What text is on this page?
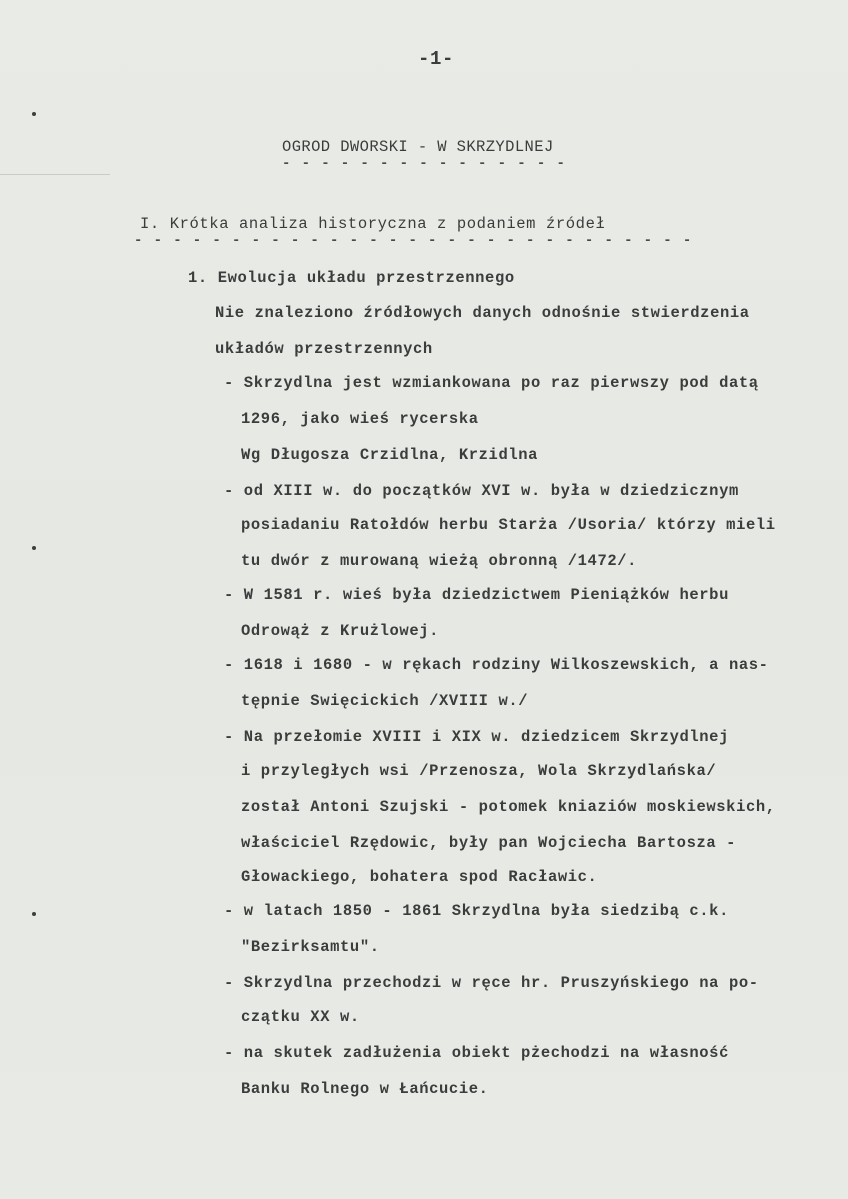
-1-
OGROD DWORSKI - W SKRZYDLNEJ
- - - - - - - - - - - - - - -
I. Krótka analiza historyczna z podaniem źródeł
- - - - - - - - - - - - - - - - - - - - - - - - - - - - -
1. Ewolucja układu przestrzennego
Nie znaleziono źródłowych danych odnośnie stwierdzenia
układów przestrzennych
- Skrzydlna jest wzmiankowana po raz pierwszy pod datą
1296, jako wieś rycerska
Wg Długosza Crzidlna, Krzidlna
- od XIII w. do początków XVI w. była w dziedzicznym
posiadaniu Ratołdów herbu Starża /Usoria/ którzy mieli
tu dwór z murowaną wieżą obronną /1472/.
- W 1581 r. wieś była dziedzictwem Pieniążków herbu
Odrowąż z Krużlowej.
- 1618 i 1680 - w rękach rodziny Wilkoszewskich, a nas-
tępnie Swięcickich /XVIII w./
- Na przełomie XVIII i XIX w. dziedzicem Skrzydlnej
i przyległych wsi /Przenosza, Wola Skrzydlańska/
został Antoni Szujski - potomek kniaziów moskiewskich,
właściciel Rzędowic, były pan Wojciecha Bartosza -
Głowackiego, bohatera spod Racławic.
- w latach 1850 - 1861 Skrzydlna była siedzibą c.k.
"Bezirksamtu".
- Skrzydlna przechodzi w ręce hr. Pruszyńskiego na po-
czątku XX w.
- na skutek zadłużenia obiekt pżechodzi na własność
Banku Rolnego w Łańcucie.
